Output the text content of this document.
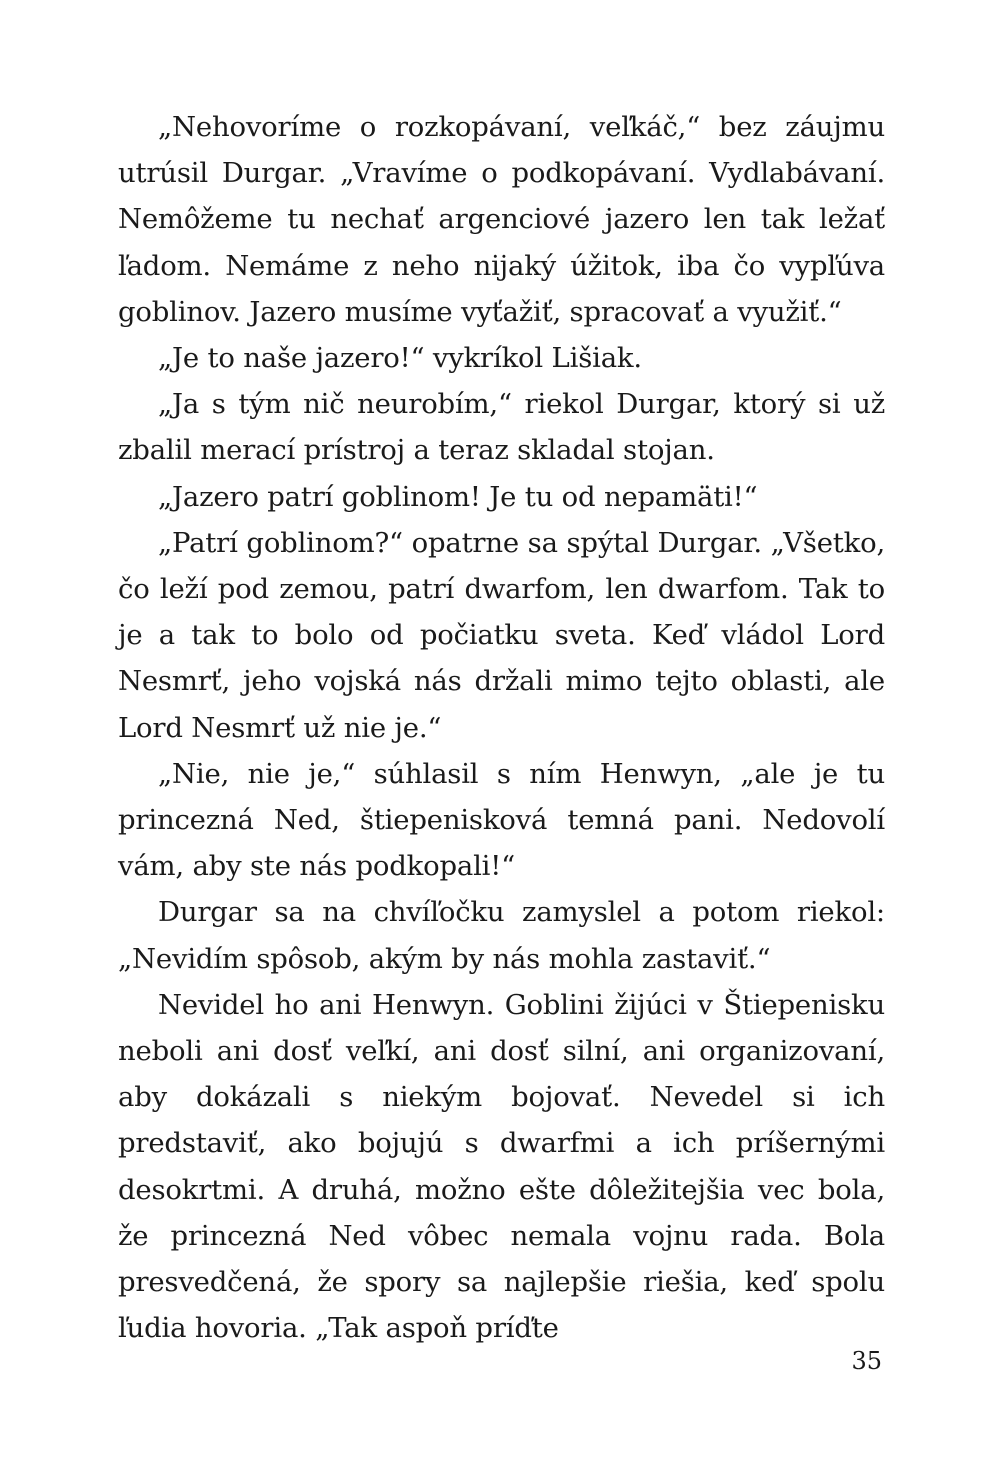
„Nehovoríme o rozkopávaní, veľkáč,“ bez záujmu utrúsil Durgar. „Vravíme o podkopávaní. Vydlabávaní. Nemôžeme tu nechať argenciové jazero len tak ležať ľadom. Nemáme z neho nijaký úžitok, iba čo vypľúva goblinov. Jazero musíme vyťažiť, spracovať a využiť.“

„Je to naše jazero!“ vykríkol Lišiak.

„Ja s tým nič neurobím,“ riekol Durgar, ktorý si už zbalil merací prístroj a teraz skladal stojan.

„Jazero patrí goblinom! Je tu od nepamäti!“

„Patrí goblinom?“ opatrne sa spýtal Durgar. „Všetko, čo leží pod zemou, patrí dwarfom, len dwarfom. Tak to je a tak to bolo od počiatku sveta. Keď vládol Lord Nesmrť, jeho vojská nás držali mimo tejto oblasti, ale Lord Nesmrť už nie je.“

„Nie, nie je,“ súhlasil s ním Henwyn, „ale je tu princezná Ned, štiepenisková temná pani. Nedovolí vám, aby ste nás podkopali!“

Durgar sa na chvíľočku zamyslel a potom riekol: „Nevidím spôsob, akým by nás mohla zastaviť.“

Nevidel ho ani Henwyn. Goblini žijúci v Štiepenisku neboli ani dosť veľkí, ani dosť silní, ani organizovaní, aby dokázali s niekým bojovať. Nevedel si ich predstaviť, ako bojujú s dwarfmi a ich príšernými desokrtmi. A druhá, možno ešte dôležitejšia vec bola, že princezná Ned vôbec nemala vojnu rada. Bola presvedčená, že spory sa najlepšie riešia, keď spolu ľudia hovoria. „Tak aspoň príďte

35
